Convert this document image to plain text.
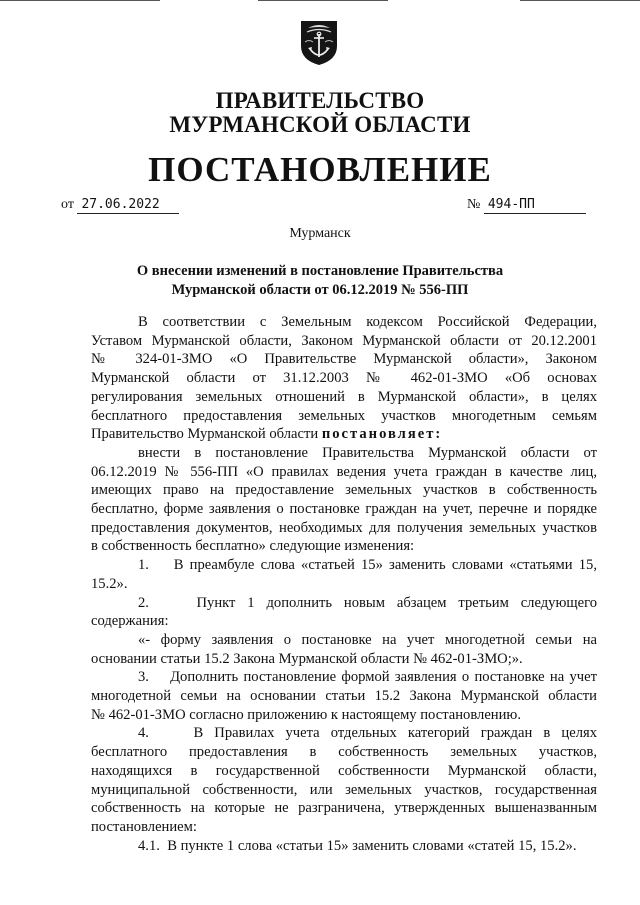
ПРАВИТЕЛЬСТВО
МУРМАНСКОЙ ОБЛАСТИ
ПОСТАНОВЛЕНИЕ
от 27.06.2022	№ 494-ПП
Мурманск
О внесении изменений в постановление Правительства
Мурманской области от 06.12.2019 № 556-ПП

В соответствии с Земельным кодексом Российской Федерации,

Уставом Мурманской области, Законом Мурманской области от 20.12.2001

№ 324-01-ЗМО «О Правительстве Мурманской области», Законом

Мурманской области от 31.12.2003 № 462-01-ЗМО «Об основах

регулирования земельных отношений в Мурманской области», в целях

бесплатного предоставления земельных участков многодетным семьям

Правительство Мурманской области постановляет:

внести в постановление Правительства Мурманской области от

06.12.2019 № 556-ПП «О правилах ведения учета граждан в качестве лиц,

имеющих право на предоставление земельных участков в собственность

бесплатно, форме заявления о постановке граждан на учет, перечне и порядке

предоставления документов, необходимых для получения земельных участков

в собственность бесплатно» следующие изменения:

1.    В преамбуле слова «статьей 15» заменить словами «статьями 15,

15.2».

2.    Пункт 1 дополнить новым абзацем третьим следующего

содержания:

«- форму заявления о постановке на учет многодетной семьи на

основании статьи 15.2 Закона Мурманской области № 462-01-ЗМО;».

3.    Дополнить постановление формой заявления о постановке на учет

многодетной семьи на основании статьи 15.2 Закона Мурманской области

№ 462-01-ЗМО согласно приложению к настоящему постановлению.

4.    В Правилах учета отдельных категорий граждан в целях

бесплатного предоставления в собственность земельных участков,

находящихся в государственной собственности Мурманской области,

муниципальной собственности, или земельных участков, государственная

собственность на которые не разграничена, утвержденных вышеназванным

постановлением:

4.1.  В пункте 1 слова «статьи 15» заменить словами «статей 15, 15.2».
